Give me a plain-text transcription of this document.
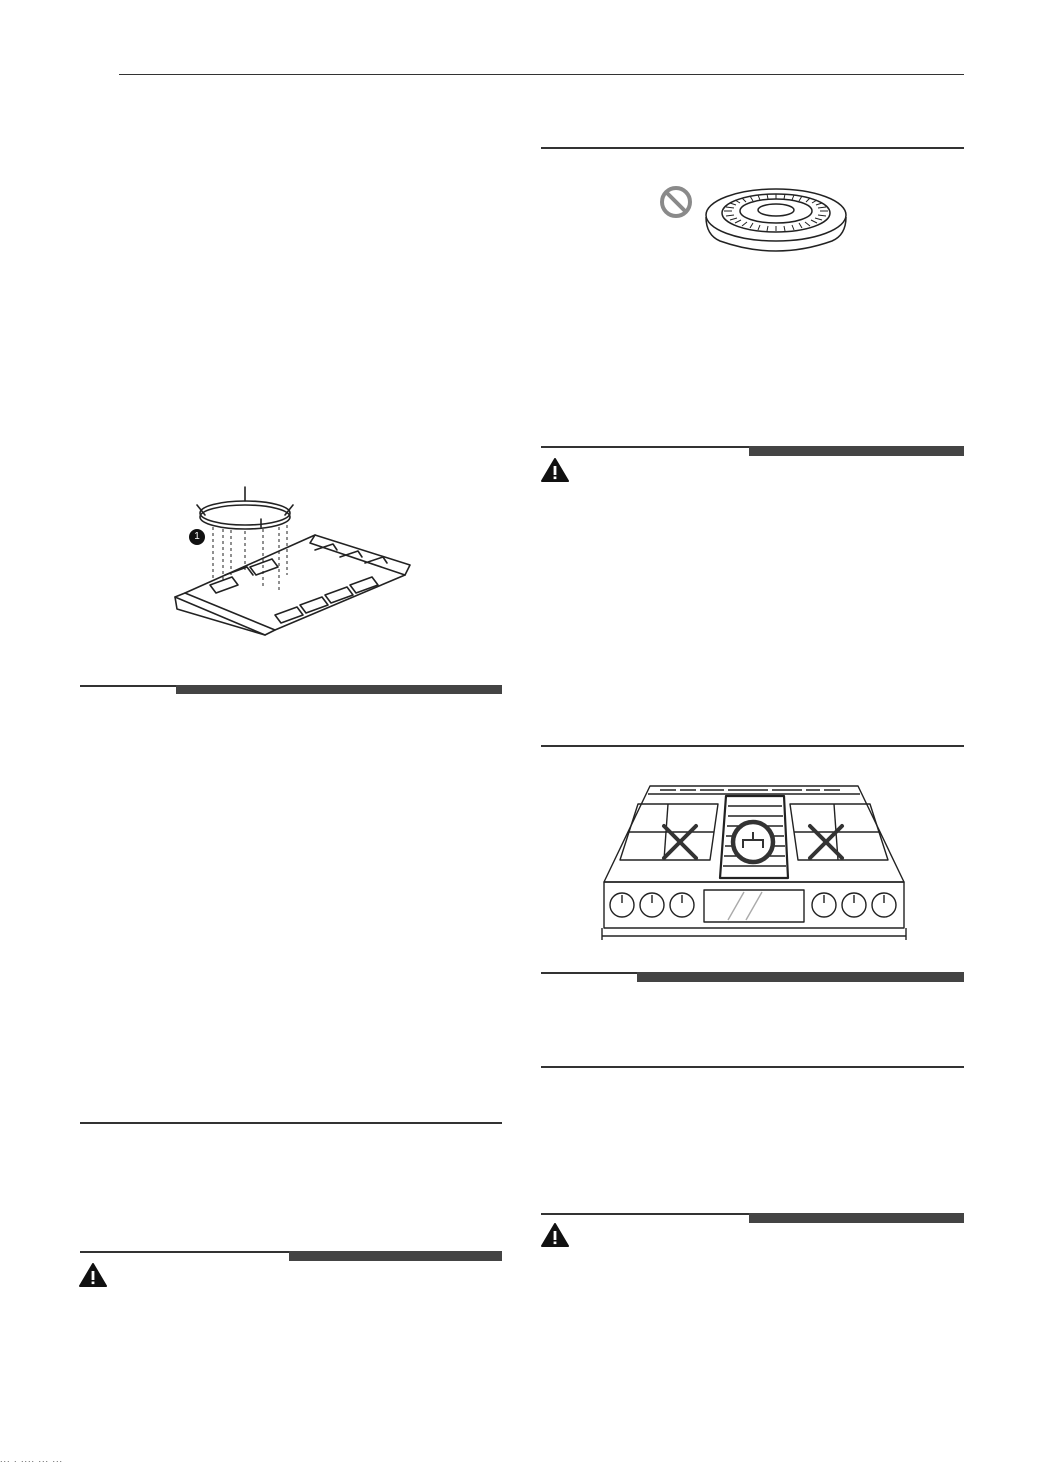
1
... . .... ... ...
